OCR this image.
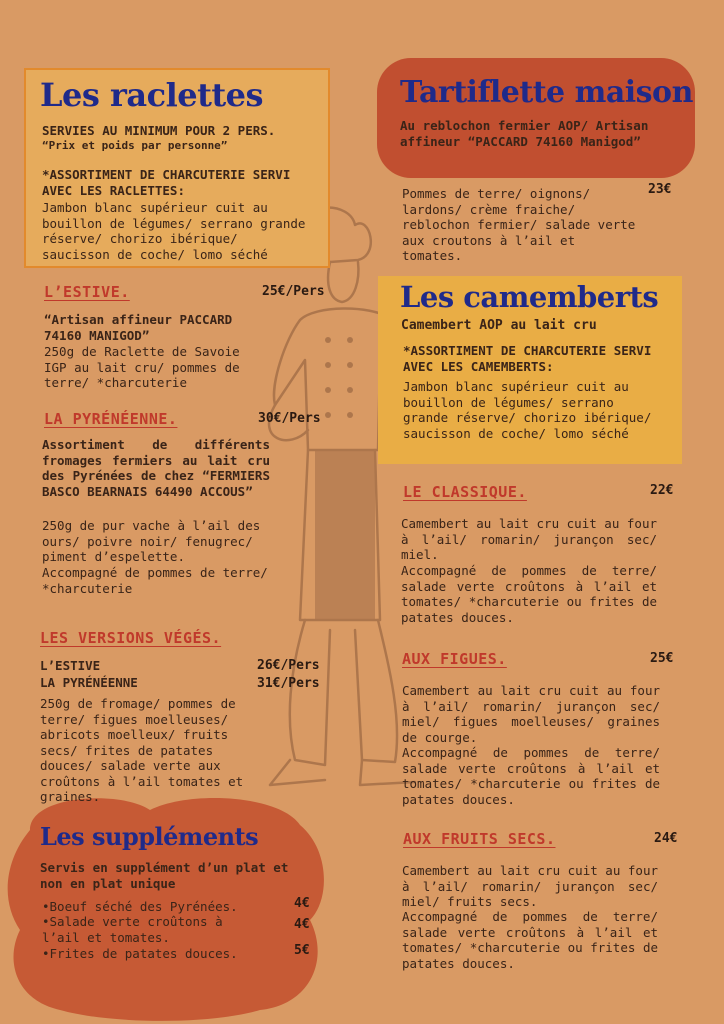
Les raclettes
SERVIES AU MINIMUM POUR 2 PERS.
“Prix et poids par personne”
*ASSORTIMENT DE CHARCUTERIE SERVI AVEC LES RACLETTES:
Jambon blanc supérieur cuit au bouillon de légumes/ serrano grande réserve/ chorizo ibérique/ saucisson de coche/ lomo séché
L’ESTIVE.	25€/Pers
“Artisan affineur PACCARD 74160 MANIGOD”
250g de Raclette de Savoie IGP au lait cru/ pommes de terre/ *charcuterie
LA PYRÉNÉENNE.	30€/Pers
Assortiment de différents fromages fermiers au lait cru des Pyrénées de chez “FERMIERS BASCO BEARNAIS 64490 ACCOUS”
250g de pur vache à l’ail des ours/ poivre noir/ fenugrec/ piment d’espelette.
Accompagné de pommes de terre/ *charcuterie
LES VERSIONS VÉGÉS.
L’ESTIVE	26€/Pers
LA PYRÉNÉENNE	31€/Pers
250g de fromage/ pommes de terre/ figues moelleuses/ abricots moelleux/ fruits secs/ frites de patates douces/ salade verte aux croûtons à l’ail tomates et graines.
Les suppléments
Servis en supplément d’un plat et non en plat unique
•Boeuf séché des Pyrénées.	4€
•Salade verte croûtons à l’ail et tomates.
4€
•Frites de patates douces.	5€
Tartiflette maison
Au reblochon fermier AOP/ Artisan affineur “PACCARD 74160 Manigod”
23€
Pommes de terre/ oignons/ lardons/ crème fraiche/ reblochon fermier/ salade verte aux croutons à l’ail et tomates.
Les camemberts
Camembert AOP au lait cru
*ASSORTIMENT DE CHARCUTERIE SERVI AVEC LES CAMEMBERTS:
Jambon blanc supérieur cuit au bouillon de légumes/ serrano grande réserve/ chorizo ibérique/ saucisson de coche/ lomo séché
LE CLASSIQUE.	22€
Camembert au lait cru cuit au four à l’ail/ romarin/ jurançon sec/ miel.
Accompagné de pommes de terre/ salade verte croûtons à l’ail et tomates/ *charcuterie ou frites de patates douces.
AUX FIGUES.	25€
Camembert au lait cru cuit au four à l’ail/ romarin/ jurançon sec/ miel/ figues moelleuses/ graines de courge.
Accompagné de pommes de terre/ salade verte croûtons à l’ail et tomates/ *charcuterie ou frites de patates douces.
AUX FRUITS SECS.	24€
Camembert au lait cru cuit au four à l’ail/ romarin/ jurançon sec/ miel/ fruits secs.
Accompagné de pommes de terre/ salade verte croûtons à l’ail et tomates/ *charcuterie ou frites de patates douces.
